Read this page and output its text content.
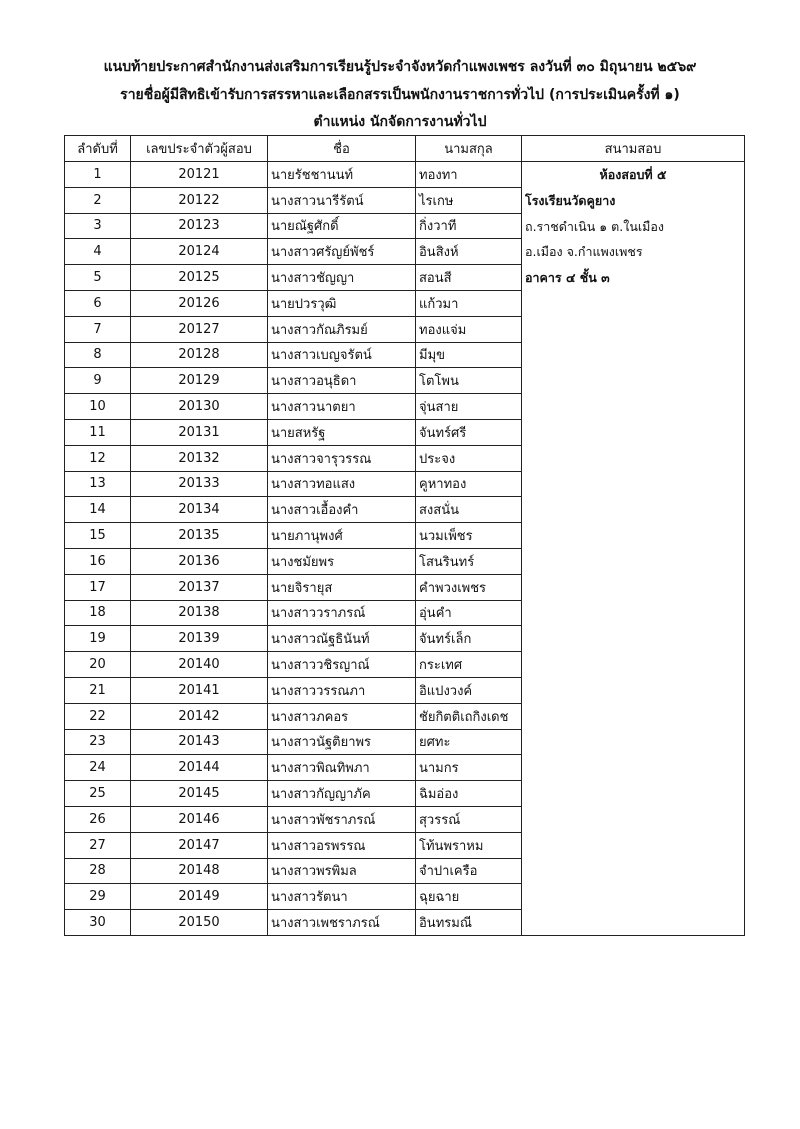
แนบท้ายประกาศสำนักงานส่งเสริมการเรียนรู้ประจำจังหวัดกำแพงเพชร ลงวันที่ ๓๐ มิถุนายน ๒๕๖๙
รายชื่อผู้มีสิทธิเข้ารับการสรรหาและเลือกสรรเป็นพนักงานราชการทั่วไป (การประเมินครั้งที่ ๑)
ตำแหน่ง นักจัดการงานทั่วไป
ลำดับที่	เลขประจำตัวผู้สอบ	ชื่อ	นามสกุล	สนามสอบ
1	20121	นายรัชชานนท์	ทองทา	ห้องสอบที่ ๕
โรงเรียนวัดคูยาง
ถ.ราชดำเนิน ๑ ต.ในเมือง
อ.เมือง จ.กำแพงเพชร
อาคาร ๔ ชั้น ๓

2	20122	นางสาวนารีรัตน์	ไรเกษ	
3	20123	นายณัฐศักดิ์	กิ่งวาที	
4	20124	นางสาวศรัญย์พัชร์	อินสิงห์	
5	20125	นางสาวชัญญา	สอนสี	
6	20126	นายปวรวุฒิ	แก้วมา	
7	20127	นางสาวกัณภิรมย์	ทองแจ่ม	
8	20128	นางสาวเบญจรัตน์	มีมุข	
9	20129	นางสาวอนุธิดา	โตโพน	
10	20130	นางสาวนาตยา	จุ่นสาย	
11	20131	นายสหรัฐ	จันทร์ศรี	
12	20132	นางสาวจารุวรรณ	ประจง	
13	20133	นางสาวทอแสง	คูหาทอง	
14	20134	นางสาวเอื้องคำ	สงสนั่น	
15	20135	นายภานุพงศ์	นวมเพ็ชร	
16	20136	นางชมัยพร	โสนรินทร์	
17	20137	นายจิรายุส	คำพวงเพชร	
18	20138	นางสาววราภรณ์	อุ่นคำ	
19	20139	นางสาวณัฐธินันท์	จันทร์เล็ก	
20	20140	นางสาววชิรญาณ์	กระเทศ	
21	20141	นางสาววรรณภา	อิแปงวงค์	
22	20142	นางสาวภคอร	ชัยกิตติเถกิงเดช	
23	20143	นางสาวนัฐติยาพร	ยศทะ	
24	20144	นางสาวพิณทิพภา	นามกร	
25	20145	นางสาวกัญญาภัค	ฉิมอ่อง	
26	20146	นางสาวพัชราภรณ์	สุวรรณ์	
27	20147	นางสาวอรพรรณ	โท้นพราหม	
28	20148	นางสาวพรพิมล	จำปาเครือ	
29	20149	นางสาวรัตนา	ฉุยฉาย	
30	20150	นางสาวเพชราภรณ์	อินทรมณี	
